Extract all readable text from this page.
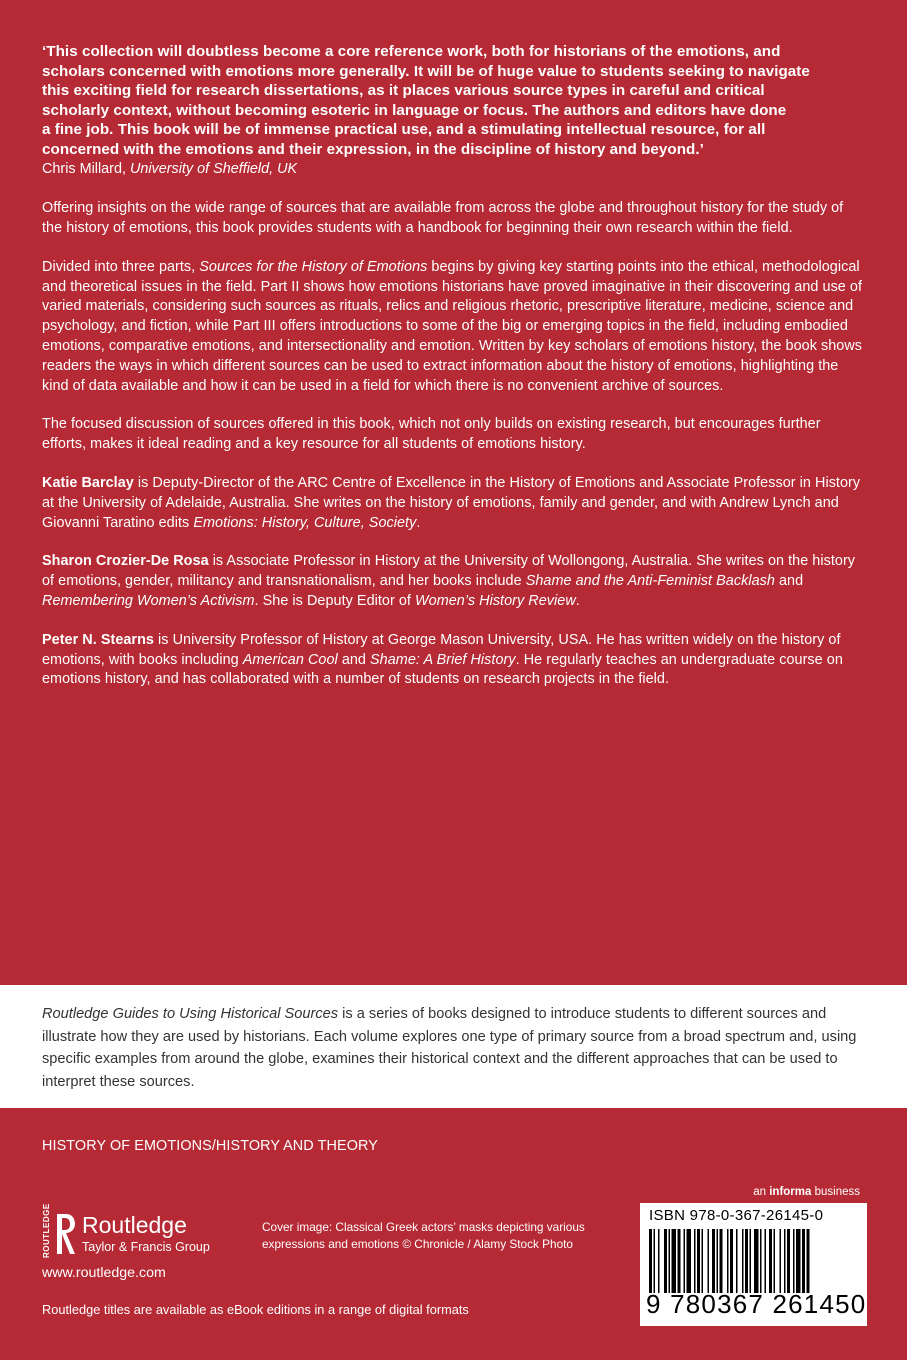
‘This collection will doubtless become a core reference work, both for historians of the emotions, and

scholars concerned with emotions more generally. It will be of huge value to students seeking to navigate

this exciting field for research dissertations, as it places various source types in careful and critical

scholarly context, without becoming esoteric in language or focus. The authors and editors have done

a fine job. This book will be of immense practical use, and a stimulating intellectual resource, for all

concerned with the emotions and their expression, in the discipline of history and beyond.’

Chris Millard, University of Sheffield, UK

Offering insights on the wide range of sources that are available from across the globe and throughout history for the study of the history of emotions, this book provides students with a handbook for beginning their own research within the field.

Divided into three parts, Sources for the History of Emotions begins by giving key starting points into the ethical, methodological and theoretical issues in the field. Part II shows how emotions historians have proved imaginative in their discovering and use of varied materials, considering such sources as rituals, relics and religious rhetoric, prescriptive literature, medicine, science and psychology, and fiction, while Part III offers introductions to some of the big or emerging topics in the field, including embodied emotions, comparative emotions, and intersectionality and emotion. Written by key scholars of emotions history, the book shows readers the ways in which different sources can be used to extract information about the history of emotions, highlighting the kind of data available and how it can be used in a field for which there is no convenient archive of sources.

The focused discussion of sources offered in this book, which not only builds on existing research, but encourages further efforts, makes it ideal reading and a key resource for all students of emotions history.

Katie Barclay is Deputy-Director of the ARC Centre of Excellence in the History of Emotions and Associate Professor in History at the University of Adelaide, Australia. She writes on the history of emotions, family and gender, and with Andrew Lynch and Giovanni Taratino edits Emotions: History, Culture, Society.

Sharon Crozier-De Rosa is Associate Professor in History at the University of Wollongong, Australia. She writes on the history of emotions, gender, militancy and transnationalism, and her books include Shame and the Anti-Feminist Backlash and Remembering Women’s Activism. She is Deputy Editor of Women’s History Review.

Peter N. Stearns is University Professor of History at George Mason University, USA. He has written widely on the history of emotions, with books including American Cool and Shame: A Brief History. He regularly teaches an undergraduate course on emotions history, and has collaborated with a number of students on research projects in the field.

Routledge Guides to Using Historical Sources is a series of books designed to introduce students to different sources and illustrate how they are used by historians. Each volume explores one type of primary source from a broad spectrum and, using specific examples from around the globe, examines their historical context and the different approaches that can be used to interpret these sources.

HISTORY OF EMOTIONS/HISTORY AND THEORY
ROUTLEDGE Routledge
Taylor & Francis Group
www.routledge.com
Routledge titles are available as eBook editions in a range of digital formats
Cover image: Classical Greek actors’ masks depicting various expressions and emotions © Chronicle / Alamy Stock Photo
an informa business
ISBN 978-0-367-26145-0
9 780367 261450
